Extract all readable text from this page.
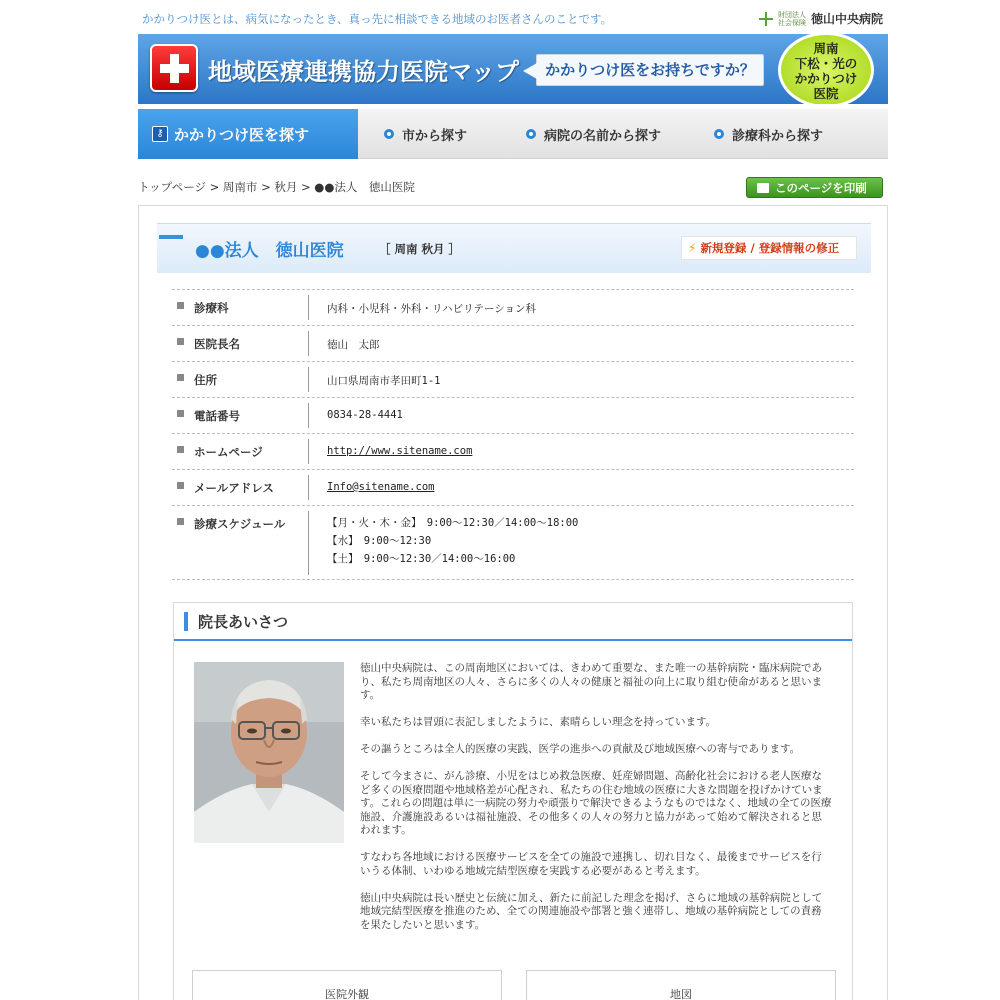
かかりつけ医とは、病気になったとき、真っ先に相談できる地域のお医者さんのことです。	財団法人
社会保険 徳山中央病院
地域医療連携協力医院マップ	かかりつけ医をお持ちですか？
周南
下松・光の
かかりつけ
医院
⚷ かかりつけ医を探す	市から探す	病院の名前から探す	診療科から探す
トップページ > 周南市 > 秋月 > ●●法人　徳山医院	このページを印刷
●●法人　徳山医院	［ 周南 秋月 ］	⚡ 新規登録 / 登録情報の修正
診療科	内科・小児科・外科・リハビリテーション科
医院長名	徳山　太郎
住所	山口県周南市孝田町1-1
電話番号	0834-28-4441
ホームページ	http://www.sitename.com
メールアドレス	Info@sitename.com
診療スケジュール	【月・火・木・金】　9:00～12:30／14:00～18:00
【水】　9:00～12:30
【土】　9:00～12:30／14:00～16:00
院長あいさつ

徳山中央病院は、この周南地区においては、きわめて重要な、また唯一の基幹病院・臨床病院であり、私たち周南地区の人々、さらに多くの人々の健康と福祉の向上に取り組む使命があると思います。

幸い私たちは冒頭に表記しましたように、素晴らしい理念を持っています。

その謳うところは全人的医療の実践、医学の進歩への貢献及び地域医療への寄与であります。

そして今まさに、がん診療、小児をはじめ救急医療、妊産婦問題、高齢化社会における老人医療など多くの医療問題や地域格差が心配され、私たちの住む地域の医療に大きな問題を投げかけています。これらの問題は単に一病院の努力や頑張りで解決できるようなものではなく、地域の全ての医療施設、介護施設あるいは福祉施設、その他多くの人々の努力と協力があって始めて解決されると思われます。

すなわち各地域における医療サービスを全ての施設で連携し、切れ目なく、最後までサービスを行いうる体制、いわゆる地域完結型医療を実践する必要があると考えます。

徳山中央病院は長い歴史と伝統に加え、新たに前記した理念を掲げ、さらに地域の基幹病院として地域完結型医療を推進のため、全ての関連施設や部署と強く連帯し、地域の基幹病院としての責務を果たしたいと思います。

医院外観	地図
